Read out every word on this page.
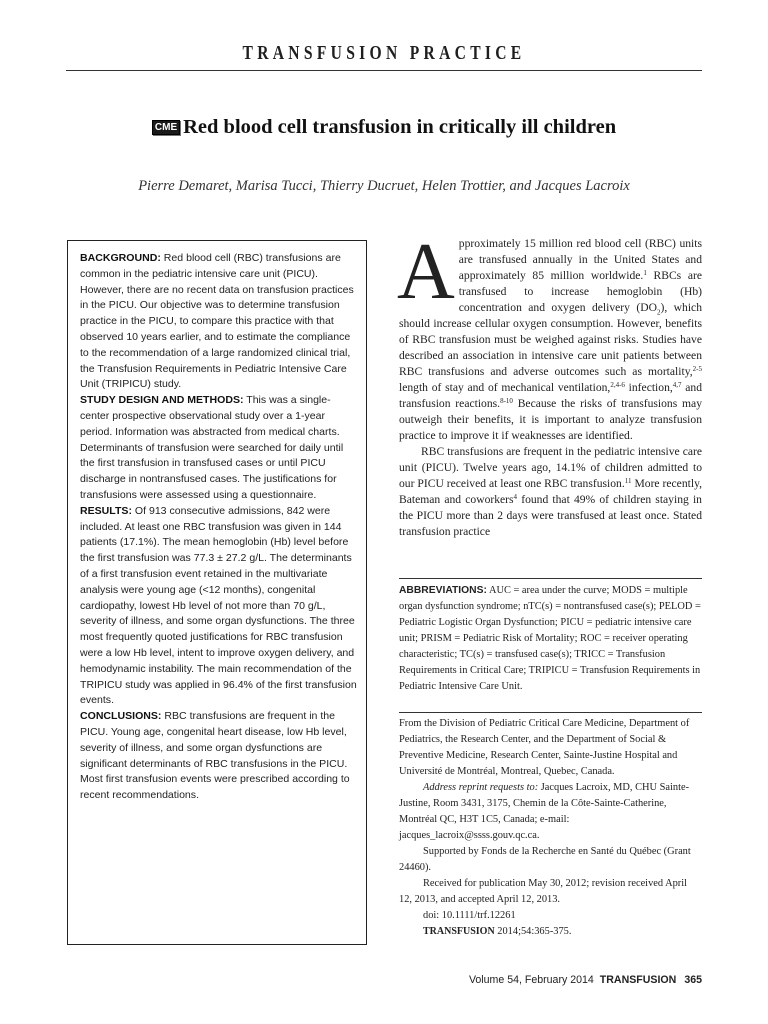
TRANSFUSION PRACTICE
CME Red blood cell transfusion in critically ill children
Pierre Demaret, Marisa Tucci, Thierry Ducruet, Helen Trottier, and Jacques Lacroix

BACKGROUND: Red blood cell (RBC) transfusions are common in the pediatric intensive care unit (PICU). However, there are no recent data on transfusion practices in the PICU. Our objective was to determine transfusion practice in the PICU, to compare this practice with that observed 10 years earlier, and to estimate the compliance to the recommendation of a large randomized clinical trial, the Transfusion Requirements in Pediatric Intensive Care Unit (TRIPICU) study.

STUDY DESIGN AND METHODS: This was a single-center prospective observational study over a 1-year period. Information was abstracted from medical charts. Determinants of transfusion were searched for daily until the first transfusion in transfused cases or until PICU discharge in nontransfused cases. The justifications for transfusions were assessed using a questionnaire.

RESULTS: Of 913 consecutive admissions, 842 were included. At least one RBC transfusion was given in 144 patients (17.1%). The mean hemoglobin (Hb) level before the first transfusion was 77.3 ± 27.2 g/L. The determinants of a first transfusion event retained in the multivariate analysis were young age (<12 months), congenital cardiopathy, lowest Hb level of not more than 70 g/L, severity of illness, and some organ dysfunctions. The three most frequently quoted justifications for RBC transfusion were a low Hb level, intent to improve oxygen delivery, and hemodynamic instability. The main recommendation of the TRIPICU study was applied in 96.4% of the first transfusion events.

CONCLUSIONS: RBC transfusions are frequent in the PICU. Young age, congenital heart disease, low Hb level, severity of illness, and some organ dysfunctions are significant determinants of RBC transfusions in the PICU. Most first transfusion events were prescribed according to recent recommendations.

Approximately 15 million red blood cell (RBC) units are transfused annually in the United States and approximately 85 million worldwide.$^1$ RBCs are transfused to increase hemoglobin (Hb) concentration and oxygen delivery $(DO_2)$, which should increase cellular oxygen consumption. However, benefits of RBC transfusion must be weighed against risks. Studies have described an association in intensive care unit patients between RBC transfusions and adverse outcomes such as mortality,$^{2-5}$ length of stay and of mechanical ventilation,$^{2,4-6}$ infection,$^{4,7}$ and transfusion reactions.$^{8-10}$ Because the risks of transfusions may outweigh their benefits, it is important to analyze transfusion practice to improve it if weaknesses are identified.

RBC transfusions are frequent in the pediatric intensive care unit (PICU). Twelve years ago, 14.1% of children admitted to our PICU received at least one RBC transfusion.$^{11}$ More recently, Bateman and coworkers$^4$ found that 49% of children staying in the PICU more than 2 days were transfused at least once. Stated transfusion practice

ABBREVIATIONS: AUC = area under the curve; MODS = multiple organ dysfunction syndrome; nTC(s) = nontransfused case(s); PELOD = Pediatric Logistic Organ Dysfunction; PICU = pediatric intensive care unit; PRISM = Pediatric Risk of Mortality; ROC = receiver operating characteristic; TC(s) = transfused case(s); TRICC = Transfusion Requirements in Critical Care; TRIPICU = Transfusion Requirements in Pediatric Intensive Care Unit.

From the Division of Pediatric Critical Care Medicine, Department of Pediatrics, the Research Center, and the Department of Social & Preventive Medicine, Research Center, Sainte-Justine Hospital and Université de Montréal, Montreal, Quebec, Canada.

Address reprint requests to: Jacques Lacroix, MD, CHU Sainte-Justine, Room 3431, 3175, Chemin de la Côte-Sainte-Catherine, Montréal QC, H3T 1C5, Canada; e-mail: jacques_lacroix@ssss.gouv.qc.ca.

Supported by Fonds de la Recherche en Santé du Québec (Grant 24460).

Received for publication May 30, 2012; revision received April 12, 2013, and accepted April 12, 2013.

doi: 10.1111/trf.12261

TRANSFUSION 2014;54:365-375.

Volume 54, February 2014 TRANSFUSION 365
